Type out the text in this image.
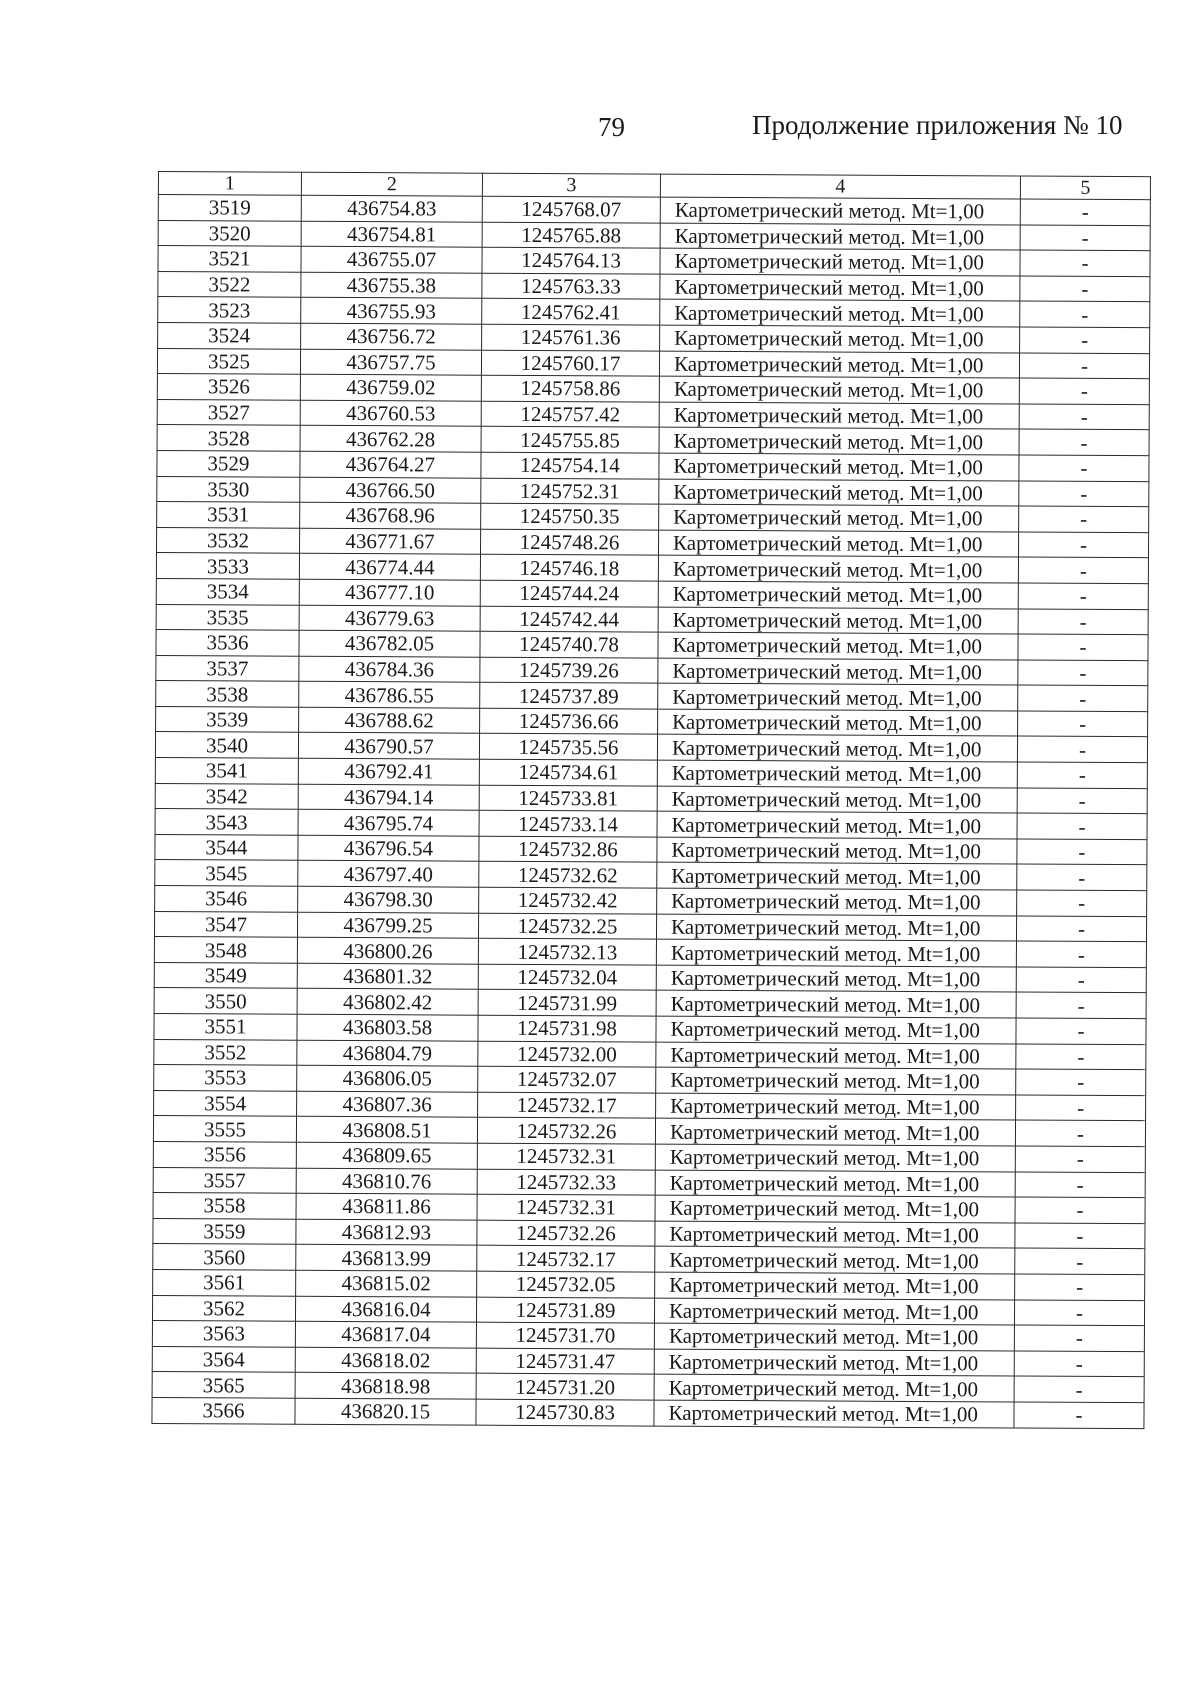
79	Продолжение приложения № 10
1	2	3	4	5
3519	436754.83	1245768.07	Картометрический метод. Mt=1,00	-
3520	436754.81	1245765.88	Картометрический метод. Mt=1,00	-
3521	436755.07	1245764.13	Картометрический метод. Mt=1,00	-
3522	436755.38	1245763.33	Картометрический метод. Mt=1,00	-
3523	436755.93	1245762.41	Картометрический метод. Mt=1,00	-
3524	436756.72	1245761.36	Картометрический метод. Mt=1,00	-
3525	436757.75	1245760.17	Картометрический метод. Mt=1,00	-
3526	436759.02	1245758.86	Картометрический метод. Mt=1,00	-
3527	436760.53	1245757.42	Картометрический метод. Mt=1,00	-
3528	436762.28	1245755.85	Картометрический метод. Mt=1,00	-
3529	436764.27	1245754.14	Картометрический метод. Mt=1,00	-
3530	436766.50	1245752.31	Картометрический метод. Mt=1,00	-
3531	436768.96	1245750.35	Картометрический метод. Mt=1,00	-
3532	436771.67	1245748.26	Картометрический метод. Mt=1,00	-
3533	436774.44	1245746.18	Картометрический метод. Mt=1,00	-
3534	436777.10	1245744.24	Картометрический метод. Mt=1,00	-
3535	436779.63	1245742.44	Картометрический метод. Mt=1,00	-
3536	436782.05	1245740.78	Картометрический метод. Mt=1,00	-
3537	436784.36	1245739.26	Картометрический метод. Mt=1,00	-
3538	436786.55	1245737.89	Картометрический метод. Mt=1,00	-
3539	436788.62	1245736.66	Картометрический метод. Mt=1,00	-
3540	436790.57	1245735.56	Картометрический метод. Mt=1,00	-
3541	436792.41	1245734.61	Картометрический метод. Mt=1,00	-
3542	436794.14	1245733.81	Картометрический метод. Mt=1,00	-
3543	436795.74	1245733.14	Картометрический метод. Mt=1,00	-
3544	436796.54	1245732.86	Картометрический метод. Mt=1,00	-
3545	436797.40	1245732.62	Картометрический метод. Mt=1,00	-
3546	436798.30	1245732.42	Картометрический метод. Mt=1,00	-
3547	436799.25	1245732.25	Картометрический метод. Mt=1,00	-
3548	436800.26	1245732.13	Картометрический метод. Mt=1,00	-
3549	436801.32	1245732.04	Картометрический метод. Mt=1,00	-
3550	436802.42	1245731.99	Картометрический метод. Mt=1,00	-
3551	436803.58	1245731.98	Картометрический метод. Mt=1,00	-
3552	436804.79	1245732.00	Картометрический метод. Mt=1,00	-
3553	436806.05	1245732.07	Картометрический метод. Mt=1,00	-
3554	436807.36	1245732.17	Картометрический метод. Mt=1,00	-
3555	436808.51	1245732.26	Картометрический метод. Mt=1,00	-
3556	436809.65	1245732.31	Картометрический метод. Mt=1,00	-
3557	436810.76	1245732.33	Картометрический метод. Mt=1,00	-
3558	436811.86	1245732.31	Картометрический метод. Mt=1,00	-
3559	436812.93	1245732.26	Картометрический метод. Mt=1,00	-
3560	436813.99	1245732.17	Картометрический метод. Mt=1,00	-
3561	436815.02	1245732.05	Картометрический метод. Mt=1,00	-
3562	436816.04	1245731.89	Картометрический метод. Mt=1,00	-
3563	436817.04	1245731.70	Картометрический метод. Mt=1,00	-
3564	436818.02	1245731.47	Картометрический метод. Mt=1,00	-
3565	436818.98	1245731.20	Картометрический метод. Mt=1,00	-
3566	436820.15	1245730.83	Картометрический метод. Mt=1,00	-
